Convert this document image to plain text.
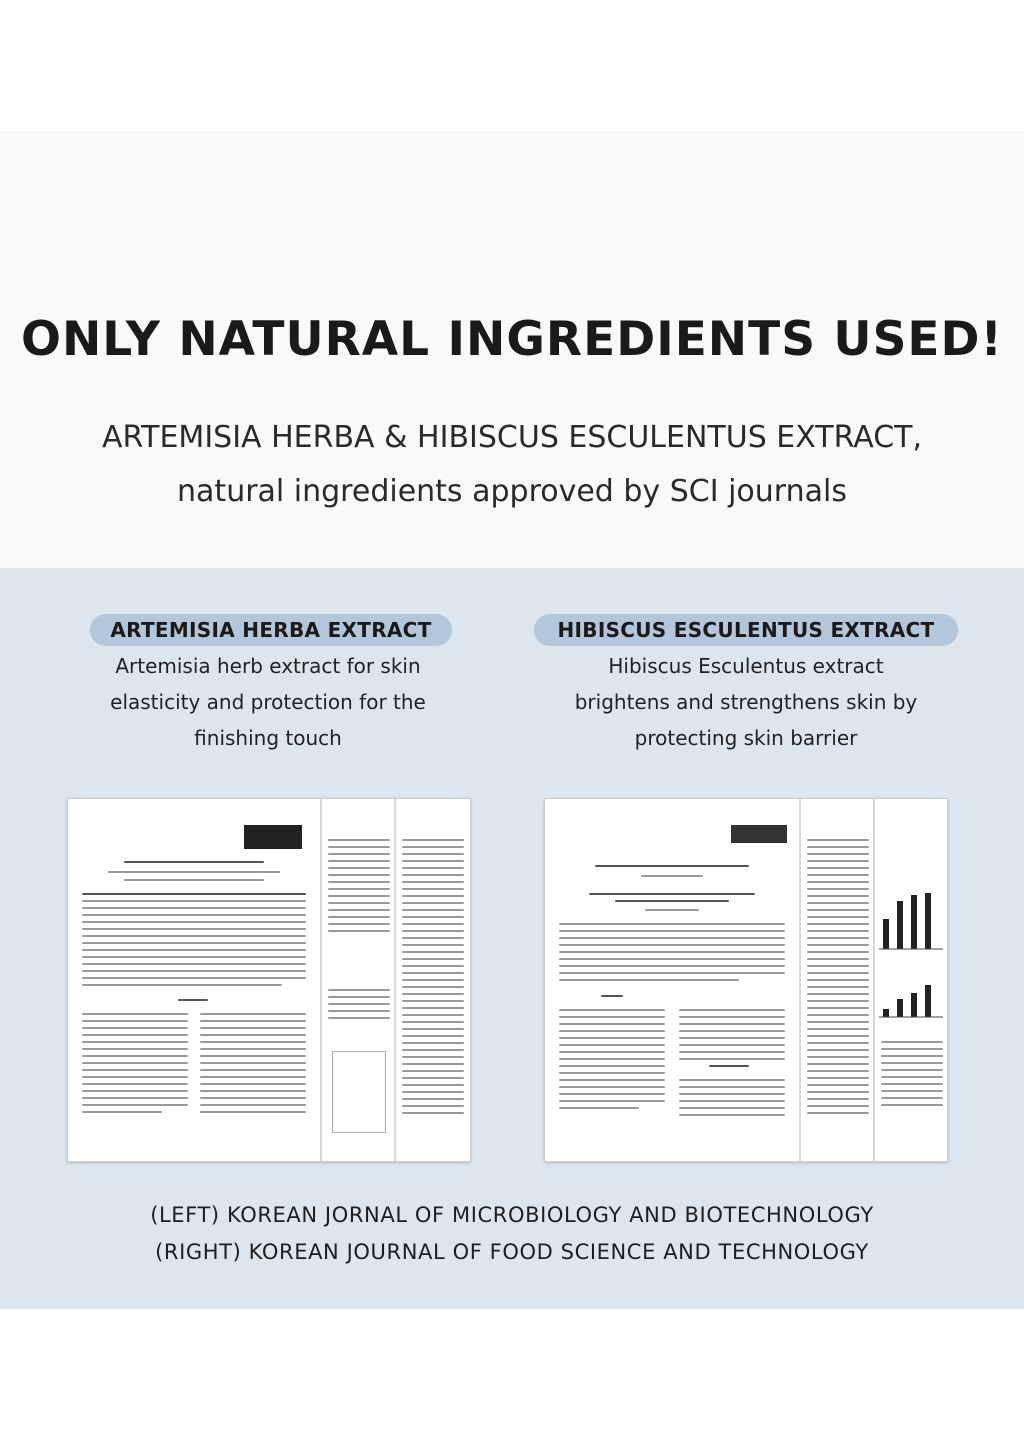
ONLY NATURAL INGREDIENTS USED!

ARTEMISIA HERBA & HIBISCUS ESCULENTUS EXTRACT,

natural ingredients approved by SCI journals

ARTEMISIA HERBA EXTRACT
Artemisia herb extract for skin
elasticity and protection for the
finishing touch
HIBISCUS ESCULENTUS EXTRACT
Hibiscus Esculentus extract
brightens and strengthens skin by
protecting skin barrier
(LEFT) KOREAN JORNAL OF MICROBIOLOGY AND BIOTECHNOLOGY
(RIGHT) KOREAN JOURNAL OF FOOD SCIENCE AND TECHNOLOGY
